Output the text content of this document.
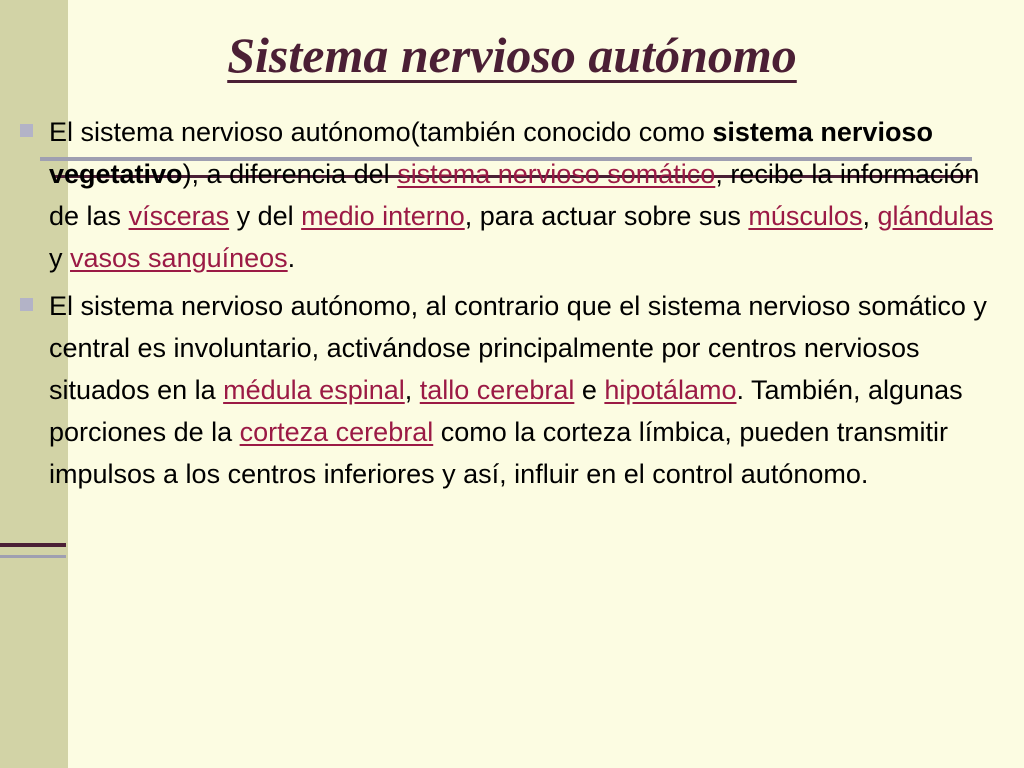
Sistema nervioso autónomo
El sistema nervioso autónomo(también conocido como sistema nervioso vegetativo), a diferencia del sistema nervioso somático, recibe la información de las vísceras y del medio interno, para actuar sobre sus músculos, glándulas y vasos sanguíneos.
El sistema nervioso autónomo, al contrario que el sistema nervioso somático y central es involuntario, activándose principalmente por centros nerviosos situados en la médula espinal, tallo cerebral e hipotálamo. También, algunas porciones de la corteza cerebral como la corteza límbica, pueden transmitir impulsos a los centros inferiores y así, influir en el control autónomo.
